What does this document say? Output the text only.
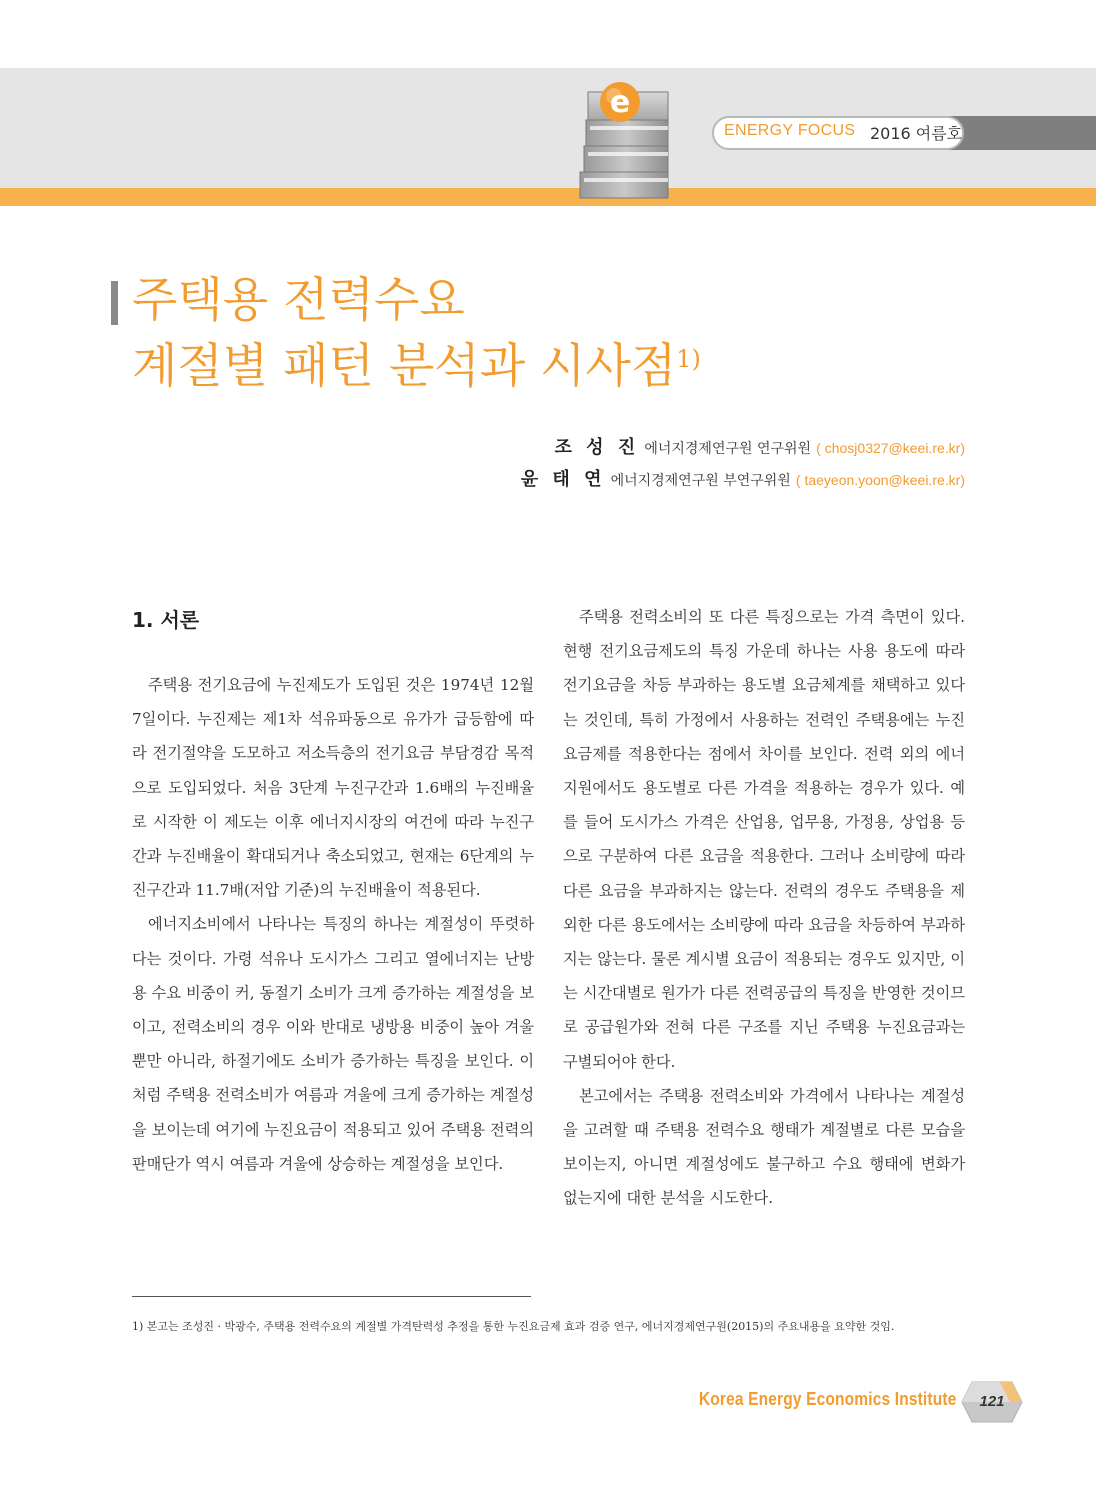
e
ENERGY FOCUS 2016 여름호
주택용 전력수요
계절별 패턴 분석과 시사점$^{1)}$
조 성 진 에너지경제연구원 연구위원 ( chosj0327@keei.re.kr)
윤 태 연 에너지경제연구원 부연구위원 ( taeyeon.yoon@keei.re.kr)
1. 서론

주택용 전기요금에 누진제도가 도입된 것은 1974년 12월 7일이다. 누진제는 제1차 석유파동으로 유가가 급등함에 따라 전기절약을 도모하고 저소득층의 전기요금 부담경감 목적으로 도입되었다. 처음 3단계 누진구간과 1.6배의 누진배율로 시작한 이 제도는 이후 에너지시장의 여건에 따라 누진구간과 누진배율이 확대되거나 축소되었고, 현재는 6단계의 누진구간과 11.7배(저압 기준)의 누진배율이 적용된다.

에너지소비에서 나타나는 특징의 하나는 계절성이 뚜렷하다는 것이다. 가령 석유나 도시가스 그리고 열에너지는 난방용 수요 비중이 커, 동절기 소비가 크게 증가하는 계절성을 보이고, 전력소비의 경우 이와 반대로 냉방용 비중이 높아 겨울뿐만 아니라, 하절기에도 소비가 증가하는 특징을 보인다. 이처럼 주택용 전력소비가 여름과 겨울에 크게 증가하는 계절성을 보이는데 여기에 누진요금이 적용되고 있어 주택용 전력의 판매단가 역시 여름과 겨울에 상승하는 계절성을 보인다.

주택용 전력소비의 또 다른 특징으로는 가격 측면이 있다. 현행 전기요금제도의 특징 가운데 하나는 사용 용도에 따라 전기요금을 차등 부과하는 용도별 요금체계를 채택하고 있다는 것인데, 특히 가정에서 사용하는 전력인 주택용에는 누진요금제를 적용한다는 점에서 차이를 보인다. 전력 외의 에너지원에서도 용도별로 다른 가격을 적용하는 경우가 있다. 예를 들어 도시가스 가격은 산업용, 업무용, 가정용, 상업용 등으로 구분하여 다른 요금을 적용한다. 그러나 소비량에 따라 다른 요금을 부과하지는 않는다. 전력의 경우도 주택용을 제외한 다른 용도에서는 소비량에 따라 요금을 차등하여 부과하지는 않는다. 물론 계시별 요금이 적용되는 경우도 있지만, 이는 시간대별로 원가가 다른 전력공급의 특징을 반영한 것이므로 공급원가와 전혀 다른 구조를 지닌 주택용 누진요금과는 구별되어야 한다.

본고에서는 주택용 전력소비와 가격에서 나타나는 계절성을 고려할 때 주택용 전력수요 행태가 계절별로 다른 모습을 보이는지, 아니면 계절성에도 불구하고 수요 행태에 변화가 없는지에 대한 분석을 시도한다.

1) 본고는 조성진 · 박광수, 주택용 전력수요의 계절별 가격탄력성 추정을 통한 누진요금제 효과 검증 연구, 에너지경제연구원(2015)의 주요내용을 요약한 것임.
Korea Energy Economics Institute	121
